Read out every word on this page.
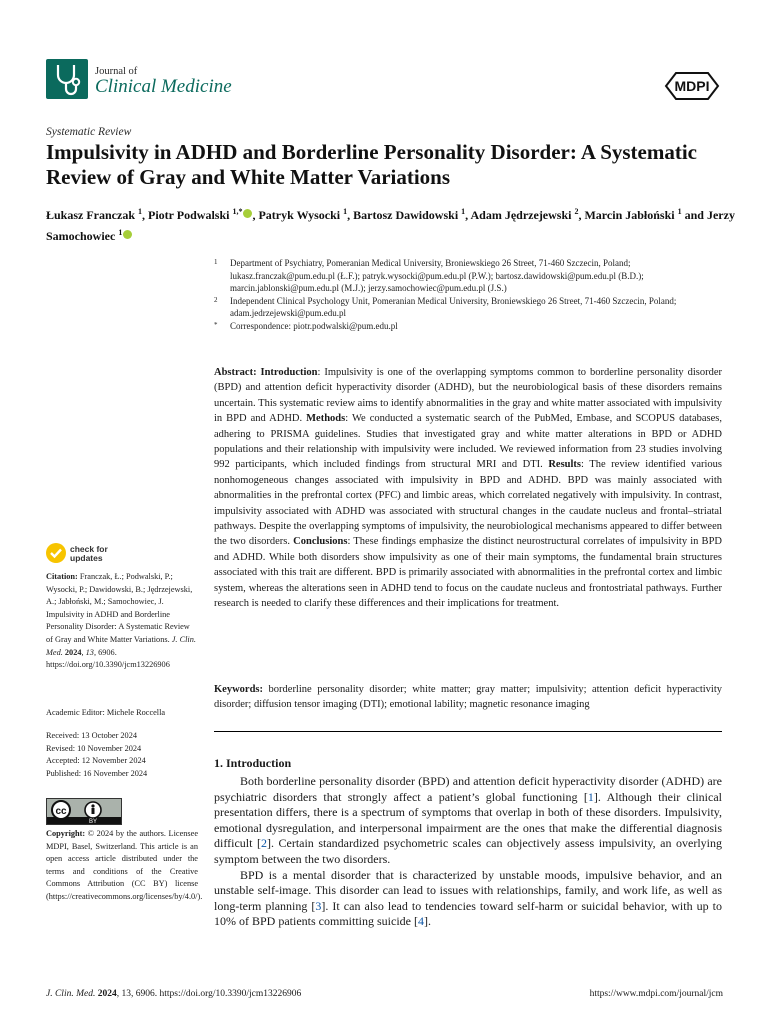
Journal of
Clinical Medicine	MDPI
Systematic Review
Impulsivity in ADHD and Borderline Personality Disorder: A Systematic Review of Gray and White Matter Variations
Łukasz Franczak $^1$, Piotr Podwalski $^{1,*}$ , Patryk Wysocki $^1$, Bartosz Dawidowski $^1$, Adam Jędrzejewski $^2$, Marcin Jabłoński $^1$ and Jerzy Samochowiec $^1$
1	Department of Psychiatry, Pomeranian Medical University, Broniewskiego 26 Street, 71-460 Szczecin, Poland; lukasz.franczak@pum.edu.pl (Ł.F.); patryk.wysocki@pum.edu.pl (P.W.); bartosz.dawidowski@pum.edu.pl (B.D.); marcin.jablonski@pum.edu.pl (M.J.); jerzy.samochowiec@pum.edu.pl (J.S.)
2	Independent Clinical Psychology Unit, Pomeranian Medical University, Broniewskiego 26 Street, 71-460 Szczecin, Poland; adam.jedrzejewski@pum.edu.pl
*	Correspondence: piotr.podwalski@pum.edu.pl
Abstract: Introduction: Impulsivity is one of the overlapping symptoms common to borderline personality disorder (BPD) and attention deficit hyperactivity disorder (ADHD), but the neurobiological basis of these disorders remains uncertain. This systematic review aims to identify abnormalities in the gray and white matter associated with impulsivity in BPD and ADHD. Methods: We conducted a systematic search of the PubMed, Embase, and SCOPUS databases, adhering to PRISMA guidelines. Studies that investigated gray and white matter alterations in BPD or ADHD populations and their relationship with impulsivity were included. We reviewed information from 23 studies involving 992 participants, which included findings from structural MRI and DTI. Results: The review identified various nonhomogeneous changes associated with impulsivity in BPD and ADHD. BPD was mainly associated with abnormalities in the prefrontal cortex (PFC) and limbic areas, which correlated negatively with impulsivity. In contrast, impulsivity associated with ADHD was associated with structural changes in the caudate nucleus and frontal–striatal pathways. Despite the overlapping symptoms of impulsivity, the neurobiological mechanisms appeared to differ between the two disorders. Conclusions: These findings emphasize the distinct neurostructural correlates of impulsivity in BPD and ADHD. While both disorders show impulsivity as one of their main symptoms, the fundamental brain structures associated with this trait are different. BPD is primarily associated with abnormalities in the prefrontal cortex and limbic system, whereas the alterations seen in ADHD tend to focus on the caudate nucleus and frontostriatal pathways. Further research is needed to clarify these differences and their implications for treatment.
Keywords: borderline personality disorder; white matter; gray matter; impulsivity; attention deficit hyperactivity disorder; diffusion tensor imaging (DTI); emotional lability; magnetic resonance imaging
check for
updates
Citation: Franczak, Ł.; Podwalski, P.; Wysocki, P.; Dawidowski, B.; Jędrzejewski, A.; Jabłoński, M.; Samochowiec, J. Impulsivity in ADHD and Borderline Personality Disorder: A Systematic Review of Gray and White Matter Variations. J. Clin. Med. 2024, 13, 6906. https://doi.org/10.3390/jcm13226906
Academic Editor: Michele Roccella
Received: 13 October 2024
Revised: 10 November 2024
Accepted: 12 November 2024
Published: 16 November 2024
cc
BY
Copyright: © 2024 by the authors. Licensee MDPI, Basel, Switzerland. This article is an open access article distributed under the terms and conditions of the Creative Commons Attribution (CC BY) license (https://creativecommons.org/licenses/by/4.0/).
1. Introduction

Both borderline personality disorder (BPD) and attention deficit hyperactivity disorder (ADHD) are psychiatric disorders that strongly affect a patient’s global functioning [1]. Although their clinical presentation differs, there is a spectrum of symptoms that overlap in both of these disorders. Impulsivity, emotional dysregulation, and interpersonal impairment are the ones that make the differential diagnosis difficult [2]. Certain standardized psychometric scales can objectively assess impulsivity, an overlying symptom between the two disorders.

BPD is a mental disorder that is characterized by unstable moods, impulsive behavior, and an unstable self-image. This disorder can lead to issues with relationships, family, and work life, as well as long-term planning [3]. It can also lead to tendencies toward self-harm or suicidal behavior, with up to 10% of BPD patients committing suicide [4].

J. Clin. Med. 2024, 13, 6906. https://doi.org/10.3390/jcm13226906	https://www.mdpi.com/journal/jcm
